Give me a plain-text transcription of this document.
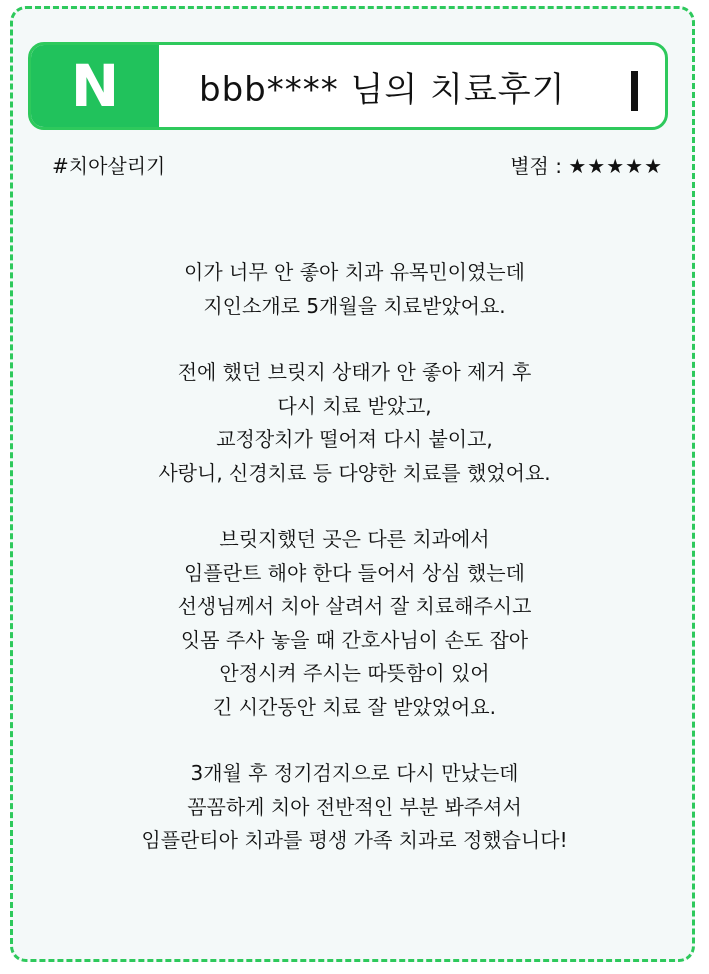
N bbb**** 님의 치료후기
#치아살리기	별점 : ★★★★★
이가 너무 안 좋아 치과 유목민이였는데
지인소개로 5개월을 치료받았어요.
전에 했던 브릿지 상태가 안 좋아 제거 후
다시 치료 받았고,
교정장치가 떨어져 다시 붙이고,
사랑니, 신경치료 등 다양한 치료를 했었어요.
브릿지했던 곳은 다른 치과에서
임플란트 해야 한다 들어서 상심 했는데
선생님께서 치아 살려서 잘 치료해주시고
잇몸 주사 놓을 때 간호사님이 손도 잡아
안정시켜 주시는 따뜻함이 있어
긴 시간동안 치료 잘 받았었어요.
3개월 후 정기검지으로 다시 만났는데
꼼꼼하게 치아 전반적인 부분 봐주셔서
임플란티아 치과를 평생 가족 치과로 정했습니다!
